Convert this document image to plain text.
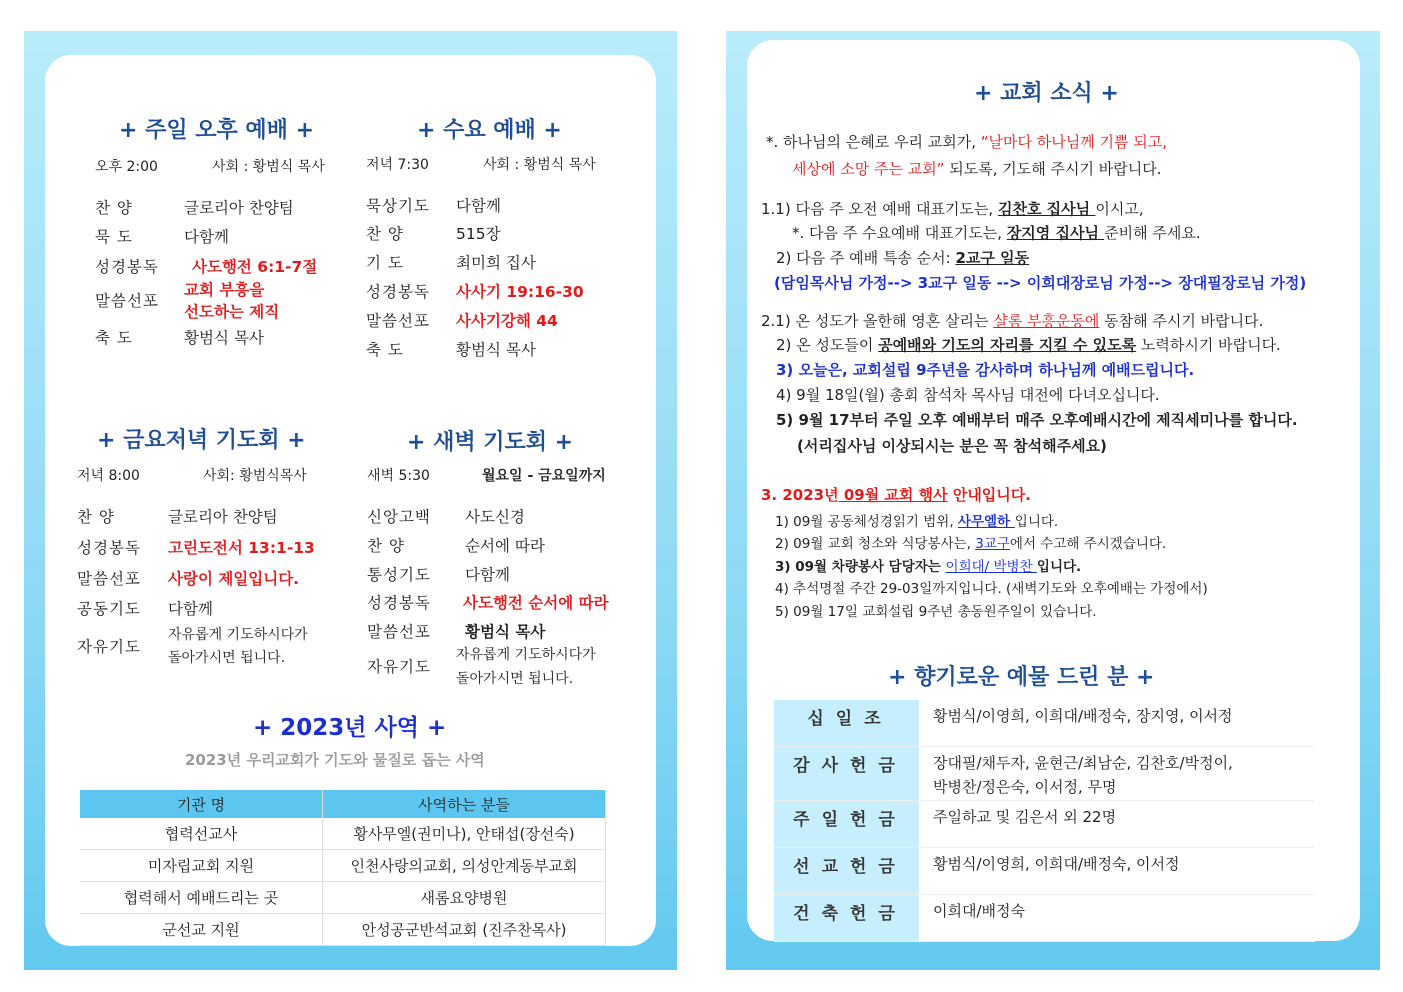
+ 주일 오후 예배 +
오후 2:00	사회 : 황범식 목사
찬 양	글로리아 찬양팀
묵 도	다함께
성경봉독 사도행전 6:1-7절
말씀선포
교회 부흥을
선도하는 제직
축 도	황범식 목사
+ 수요 예배 +
저녁 7:30	사회 : 황범식 목사
묵상기도 다함께
찬 양	515장
기 도	최미희 집사
성경봉독 사사기 19:16-30
말씀선포 사사기강해 44
축 도	황범식 목사
+ 금요저녁 기도회 +
저녁 8:00	사회: 황범식목사
찬 양	글로리아 찬양팀
성경봉독 고린도전서 13:1-13
말씀선포 사랑이 제일입니다.
공동기도 다함께
자유기도
자유롭게 기도하시다가
돌아가시면 됩니다.
+ 새벽 기도회 +
새벽 5:30	월요일 - 금요일까지
신앙고백 사도신경
찬 양	순서에 따라
통성기도 다함께
성경봉독 사도행전 순서에 따라
말씀선포 황범식 목사
자유기도
자유롭게 기도하시다가
돌아가시면 됩니다.
+ 2023년 사역 +
2023년 우리교회가 기도와 물질로 돕는 사역
기관 명	사역하는 분들
협력선교사	황사무엘(권미나), 안태섭(장선숙)
미자립교회 지원	인천사랑의교회, 의성안계동부교회
협력해서 예배드리는 곳	새롬요양병원
군선교 지원	안성공군반석교회 (진주찬목사)
+ 교회 소식 +
*. 하나님의 은혜로 우리 교회가, “날마다 하나님께 기쁨 되고,
세상에 소망 주는 교회” 되도록, 기도해 주시기 바랍니다.
1.1) 다음 주 오전 예배 대표기도는, 김찬호 집사님 이시고,
*. 다음 주 수요예배 대표기도는, 장지영 집사님 준비해 주세요.
2) 다음 주 예배 특송 순서: 2교구 일동
(담임목사님 가정--> 3교구 일동 --> 이희대장로님 가정--> 장대필장로님 가정)
2.1) 온 성도가 올한해 영혼 살리는 샬롬 부흥운동에 동참해 주시기 바랍니다.
2) 온 성도들이 공예배와 기도의 자리를 지킬 수 있도록 노력하시기 바랍니다.
3) 오늘은, 교회설립 9주년을 감사하며 하나님께 예배드립니다.
4) 9월 18일(월) 총회 참석차 목사님 대전에 다녀오십니다.
5) 9월 17부터 주일 오후 예배부터 매주 오후예배시간에 제직세미나를 합니다.
(서리집사님 이상되시는 분은 꼭 참석해주세요)
3. 2023년 09월 교회 행사 안내입니다.
1) 09월 공동체성경읽기 범위, 사무엘하 입니다.
2) 09월 교회 청소와 식당봉사는, 3교구에서 수고해 주시겠습니다.
3) 09월 차량봉사 담당자는 이희대/ 박병찬 입니다.
4) 추석명절 주간 29-03일까지입니다. (새벽기도와 오후예배는 가정에서)
5) 09월 17일 교회설립 9주년 총동원주일이 있습니다.
+ 향기로운 예물 드린 분 +
십일조	황범식/이영희, 이희대/배정숙, 장지영, 이서정
감사헌금	장대필/채두자, 윤현근/최남순, 김찬호/박정이,
박병찬/정은숙, 이서정, 무명

주일헌금	주일하교 및 김은서 외 22명
선교헌금	황범식/이영희, 이희대/배정숙, 이서정
건축헌금	이희대/배정숙
